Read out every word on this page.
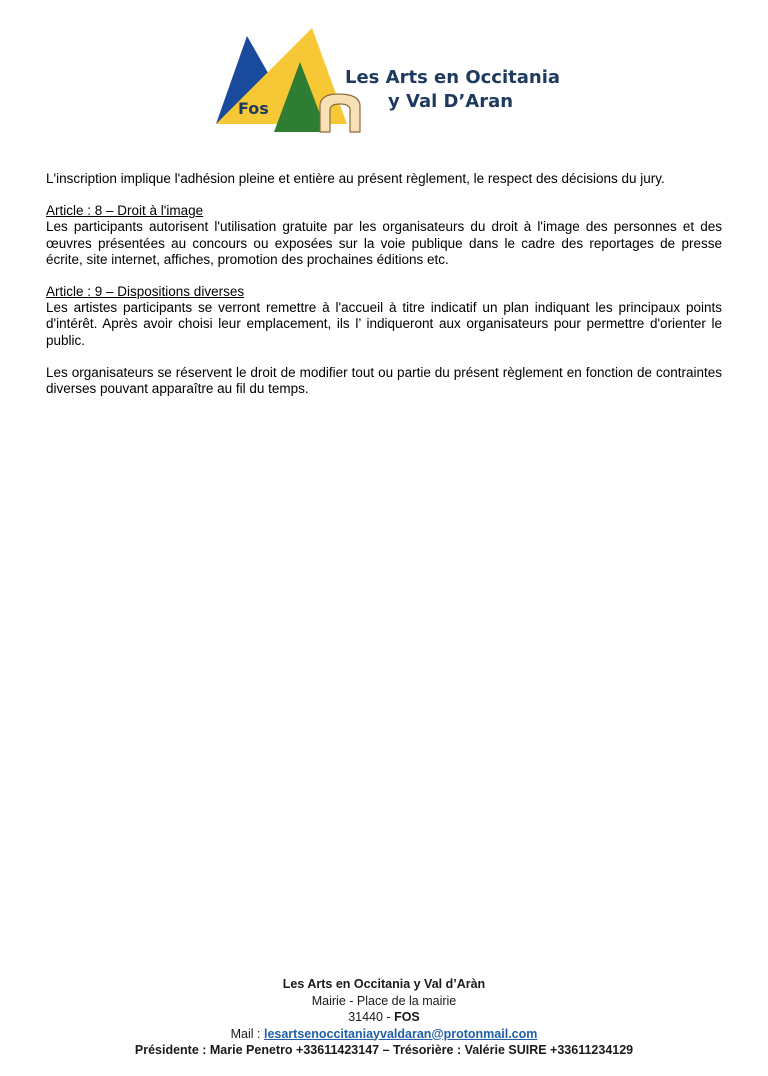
Fos
Les Arts en Occitania
y Val D’Aran

L'inscription implique l'adhésion pleine et entière au présent règlement, le respect des décisions du jury.

Article : 8 – Droit à l'image
Les participants autorisent l'utilisation gratuite par les organisateurs du droit à l'image des personnes et des œuvres présentées au concours ou exposées sur la voie publique dans le cadre des reportages de presse écrite, site internet, affiches, promotion des prochaines éditions etc.

Article : 9 – Dispositions diverses
Les artistes participants se verront remettre à l'accueil à titre indicatif un plan indiquant les principaux points d'intérêt. Après avoir choisi leur emplacement, ils l’ indiqueront aux organisateurs pour permettre d'orienter le public.

Les organisateurs se réservent le droit de modifier tout ou partie du présent règlement en fonction de contraintes diverses pouvant apparaître au fil du temps.

Les Arts en Occitania y Val d’Aràn
Mairie - Place de la mairie
31440 - FOS
Mail : lesartsenoccitaniayvaldaran@protonmail.com
Présidente : Marie Penetro +33611423147 – Trésorière : Valérie SUIRE +33611234129
